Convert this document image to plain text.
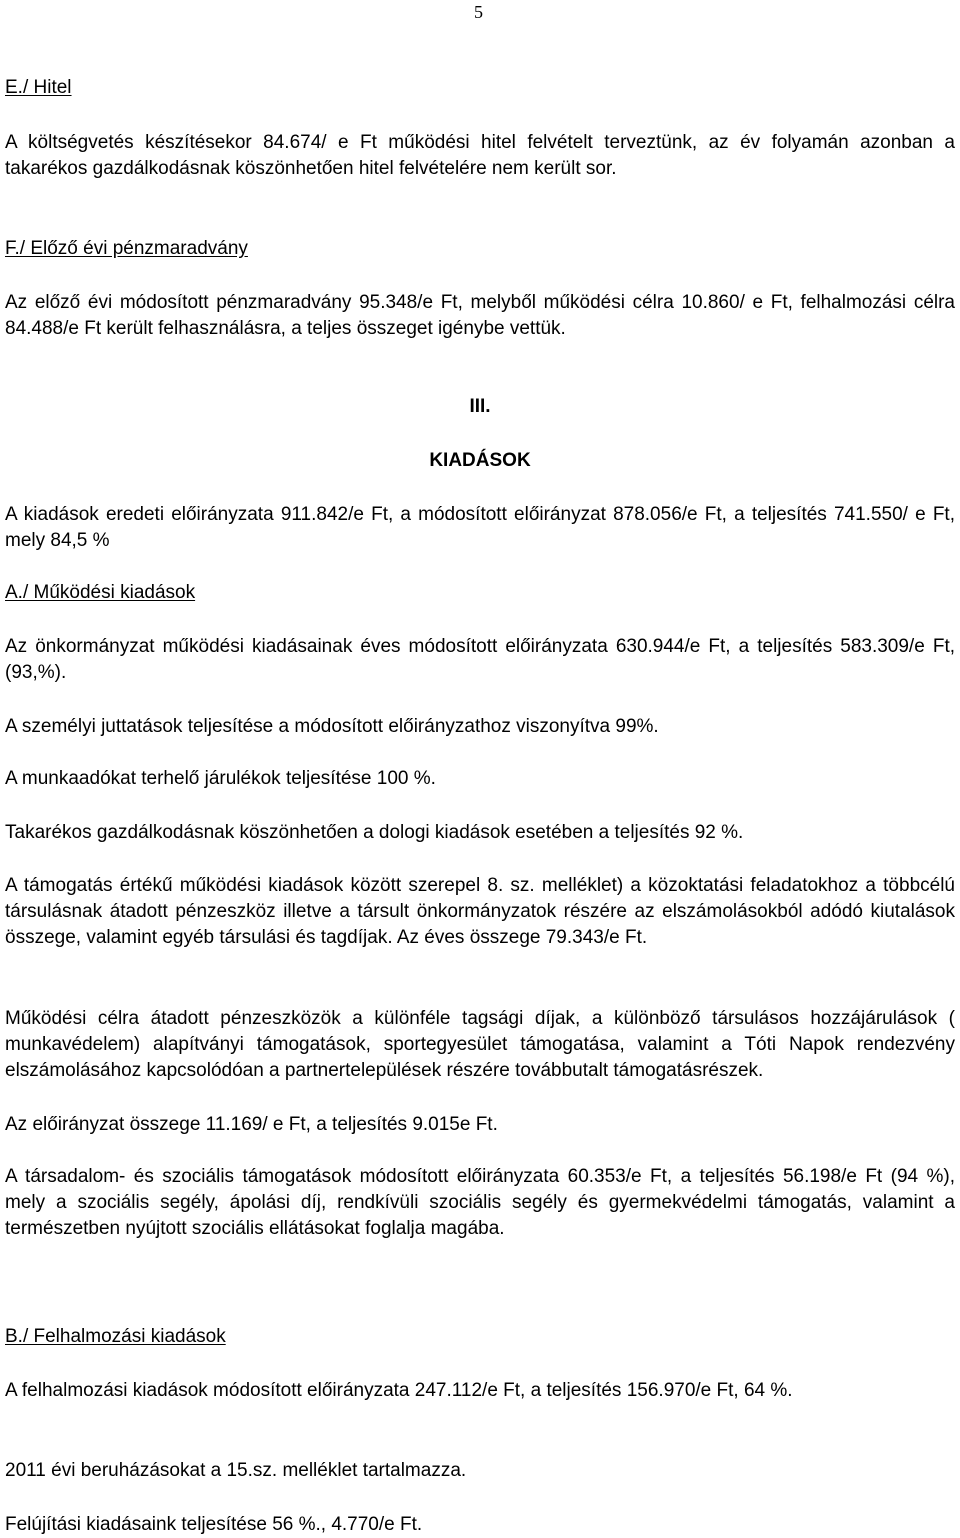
5
E./ Hitel
A költségvetés készítésekor 84.674/ e Ft működési hitel felvételt terveztünk, az év folyamán azonban a takarékos gazdálkodásnak köszönhetően hitel felvételére nem került sor.
F./ Előző évi pénzmaradvány
Az előző évi módosított pénzmaradvány 95.348/e Ft, melyből működési célra 10.860/ e Ft, felhalmozási célra 84.488/e Ft került felhasználásra, a teljes összeget igénybe vettük.
III.
KIADÁSOK
A kiadások eredeti előirányzata 911.842/e Ft, a módosított előirányzat 878.056/e Ft, a teljesítés 741.550/ e Ft, mely 84,5 %
A./ Működési kiadások
Az önkormányzat működési kiadásainak éves módosított előirányzata 630.944/e Ft, a teljesítés 583.309/e Ft, (93,%).
A személyi juttatások teljesítése a módosított előirányzathoz viszonyítva 99%.
A munkaadókat terhelő járulékok teljesítése 100 %.
Takarékos gazdálkodásnak köszönhetően a dologi kiadások esetében a teljesítés 92 %.
A támogatás értékű működési kiadások között szerepel 8. sz. melléklet) a közoktatási feladatokhoz a többcélú társulásnak átadott pénzeszköz illetve a társult önkormányzatok részére az elszámolásokból adódó kiutalások összege, valamint egyéb társulási és tagdíjak. Az éves összege 79.343/e Ft.
Működési célra átadott pénzeszközök a különféle tagsági díjak, a különböző társulásos hozzájárulások ( munkavédelem) alapítványi támogatások, sportegyesület támogatása, valamint a Tóti Napok rendezvény elszámolásához kapcsolódóan a partnertelepülések részére továbbutalt támogatásrészek.
Az előirányzat összege 11.169/ e Ft, a teljesítés 9.015e Ft.
A társadalom- és szociális támogatások módosított előirányzata 60.353/e Ft, a teljesítés 56.198/e Ft (94 %), mely a szociális segély, ápolási díj, rendkívüli szociális segély és gyermekvédelmi támogatás, valamint a természetben nyújtott szociális ellátásokat foglalja magába.
B./ Felhalmozási kiadások
A felhalmozási kiadások módosított előirányzata 247.112/e Ft, a teljesítés 156.970/e Ft, 64 %.
2011 évi beruházásokat a 15.sz. melléklet tartalmazza.
Felújítási kiadásaink teljesítése 56 %., 4.770/e Ft.
